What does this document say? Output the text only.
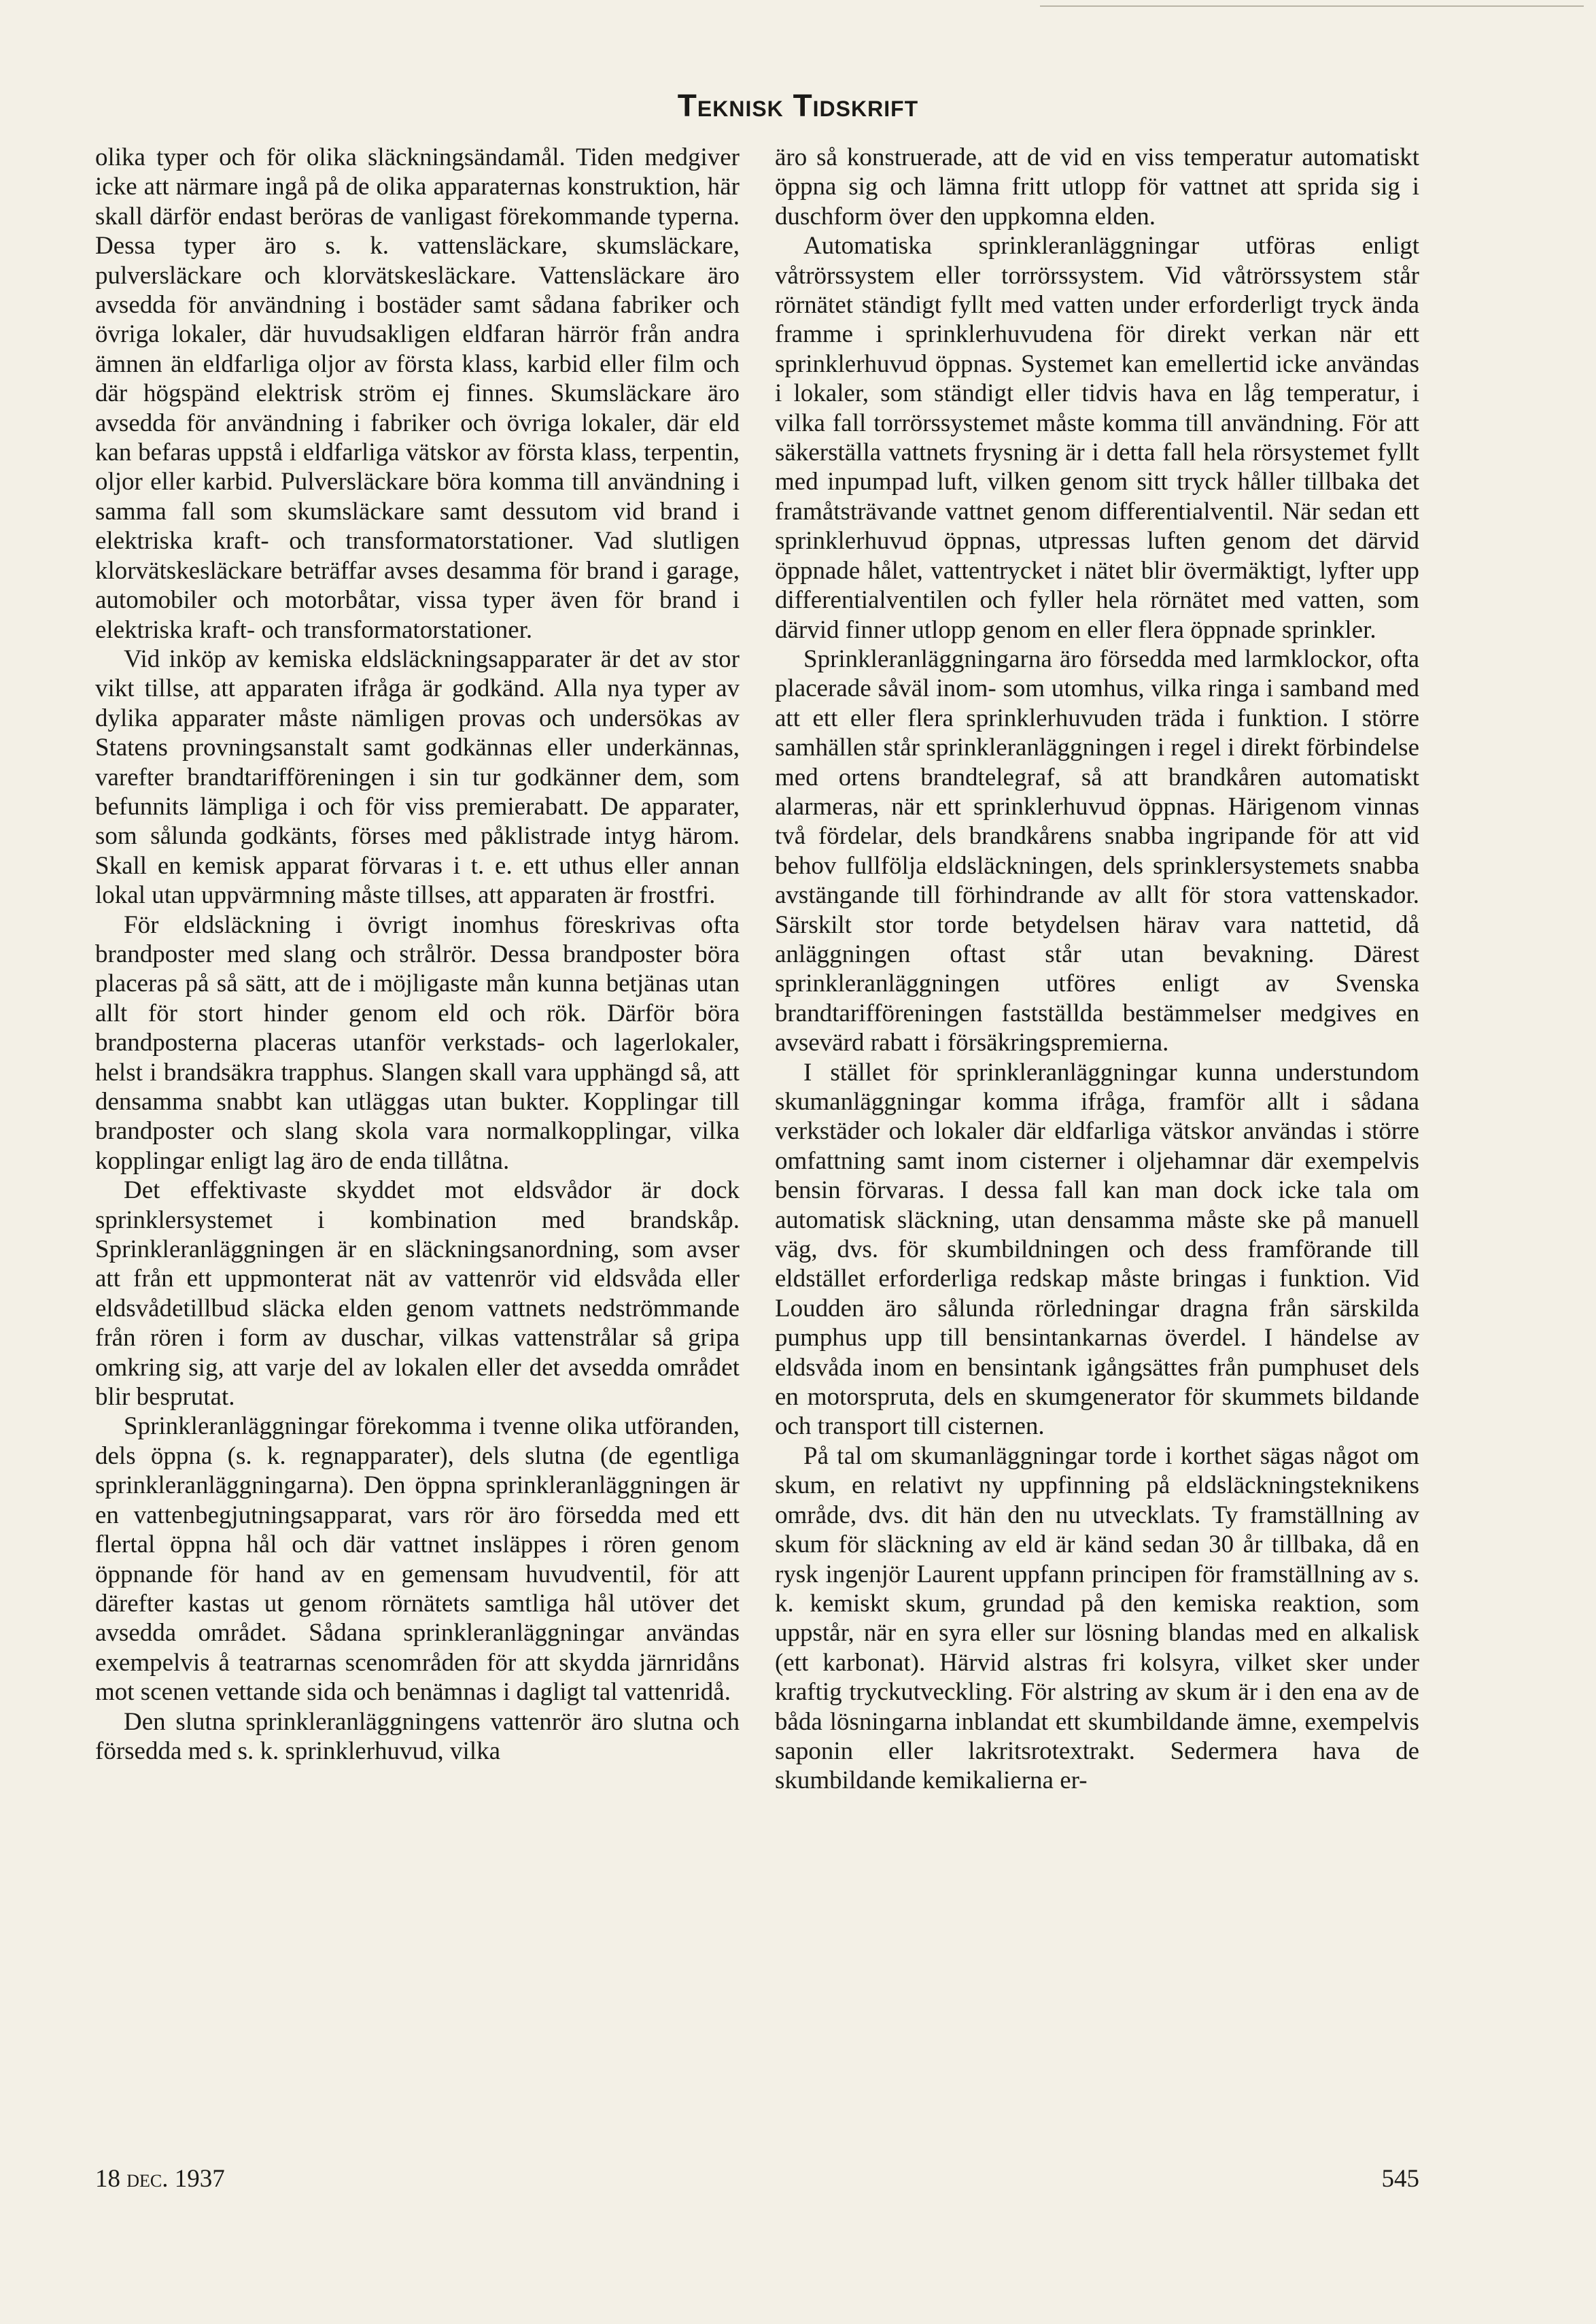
Teknisk Tidskrift

olika typer och för olika släckningsändamål. Tiden medgiver icke att närmare ingå på de olika apparaternas konstruktion, här skall därför endast beröras de vanligast förekommande typerna. Dessa typer äro s. k. vattensläckare, skumsläckare, pulversläckare och klorvätskesläckare. Vattensläckare äro avsedda för användning i bostäder samt sådana fabriker och övriga lokaler, där huvudsakligen eldfaran härrör från andra ämnen än eldfarliga oljor av första klass, karbid eller film och där högspänd elektrisk ström ej finnes. Skumsläckare äro avsedda för användning i fabriker och övriga lokaler, där eld kan befaras uppstå i eldfarliga vätskor av första klass, terpentin, oljor eller karbid. Pulversläckare böra komma till användning i samma fall som skumsläckare samt dessutom vid brand i elektriska kraft- och transformatorstationer. Vad slutligen klorvätskesläckare beträffar avses desamma för brand i garage, automobiler och motorbåtar, vissa typer även för brand i elektriska kraft- och transformatorstationer.

Vid inköp av kemiska eldsläckningsapparater är det av stor vikt tillse, att apparaten ifråga är godkänd. Alla nya typer av dylika apparater måste nämligen provas och undersökas av Statens provningsanstalt samt godkännas eller underkännas, varefter brandtarifföreningen i sin tur godkänner dem, som befunnits lämpliga i och för viss premierabatt. De apparater, som sålunda godkänts, förses med påklistrade intyg härom. Skall en kemisk apparat förvaras i t. e. ett uthus eller annan lokal utan uppvärmning måste tillses, att apparaten är frostfri.

För eldsläckning i övrigt inomhus föreskrivas ofta brandposter med slang och strålrör. Dessa brandposter böra placeras på så sätt, att de i möjligaste mån kunna betjänas utan allt för stort hinder genom eld och rök. Därför böra brandposterna placeras utanför verkstads- och lagerlokaler, helst i brandsäkra trapphus. Slangen skall vara upphängd så, att densamma snabbt kan utläggas utan bukter. Kopplingar till brandposter och slang skola vara normalkopplingar, vilka kopplingar enligt lag äro de enda tillåtna.

Det effektivaste skyddet mot eldsvådor är dock sprinklersystemet i kombination med brandskåp. Sprinkleranläggningen är en släckningsanordning, som avser att från ett uppmonterat nät av vattenrör vid eldsvåda eller eldsvådetillbud släcka elden genom vattnets nedströmmande från rören i form av duschar, vilkas vattenstrålar så gripa omkring sig, att varje del av lokalen eller det avsedda området blir besprutat.

Sprinkleranläggningar förekomma i tvenne olika utföranden, dels öppna (s. k. regnapparater), dels slutna (de egentliga sprinkleranläggningarna). Den öppna sprinkleranläggningen är en vattenbegjutningsapparat, vars rör äro försedda med ett flertal öppna hål och där vattnet insläppes i rören genom öppnande för hand av en gemensam huvudventil, för att därefter kastas ut genom rörnätets samtliga hål utöver det avsedda området. Sådana sprinkleranläggningar användas exempelvis å teatrarnas scenområden för att skydda järnridåns mot scenen vettande sida och benämnas i dagligt tal vattenridå.

Den slutna sprinkleranläggningens vattenrör äro slutna och försedda med s. k. sprinklerhuvud, vilka

äro så konstruerade, att de vid en viss temperatur automatiskt öppna sig och lämna fritt utlopp för vattnet att sprida sig i duschform över den uppkomna elden.

Automatiska sprinkleranläggningar utföras enligt våtrörssystem eller torrörssystem. Vid våtrörssystem står rörnätet ständigt fyllt med vatten under erforderligt tryck ända framme i sprinklerhuvudena för direkt verkan när ett sprinklerhuvud öppnas. Systemet kan emellertid icke användas i lokaler, som ständigt eller tidvis hava en låg temperatur, i vilka fall torrörssystemet måste komma till användning. För att säkerställa vattnets frysning är i detta fall hela rörsystemet fyllt med inpumpad luft, vilken genom sitt tryck håller tillbaka det framåtsträvande vattnet genom differentialventil. När sedan ett sprinklerhuvud öppnas, utpressas luften genom det därvid öppnade hålet, vattentrycket i nätet blir övermäktigt, lyfter upp differentialventilen och fyller hela rörnätet med vatten, som därvid finner utlopp genom en eller flera öppnade sprinkler.

Sprinkleranläggningarna äro försedda med larmklockor, ofta placerade såväl inom- som utomhus, vilka ringa i samband med att ett eller flera sprinklerhuvuden träda i funktion. I större samhällen står sprinkleranläggningen i regel i direkt förbindelse med ortens brandtelegraf, så att brandkåren automatiskt alarmeras, när ett sprinklerhuvud öppnas. Härigenom vinnas två fördelar, dels brandkårens snabba ingripande för att vid behov fullfölja eldsläckningen, dels sprinklersystemets snabba avstängande till förhindrande av allt för stora vattenskador. Särskilt stor torde betydelsen härav vara nattetid, då anläggningen oftast står utan bevakning. Därest sprinkleranläggningen utföres enligt av Svenska brandtarifföreningen fastställda bestämmelser medgives en avsevärd rabatt i försäkringspremierna.

I stället för sprinkleranläggningar kunna understundom skumanläggningar komma ifråga, framför allt i sådana verkstäder och lokaler där eldfarliga vätskor användas i större omfattning samt inom cisterner i oljehamnar där exempelvis bensin förvaras. I dessa fall kan man dock icke tala om automatisk släckning, utan densamma måste ske på manuell väg, dvs. för skumbildningen och dess framförande till eldstället erforderliga redskap måste bringas i funktion. Vid Loudden äro sålunda rörledningar dragna från särskilda pumphus upp till bensintankarnas överdel. I händelse av eldsvåda inom en bensintank igångsättes från pumphuset dels en motorspruta, dels en skumgenerator för skummets bildande och transport till cisternen.

På tal om skumanläggningar torde i korthet sägas något om skum, en relativt ny uppfinning på eldsläckningsteknikens område, dvs. dit hän den nu utvecklats. Ty framställning av skum för släckning av eld är känd sedan 30 år tillbaka, då en rysk ingenjör Laurent uppfann principen för framställning av s. k. kemiskt skum, grundad på den kemiska reaktion, som uppstår, när en syra eller sur lösning blandas med en alkalisk (ett karbonat). Härvid alstras fri kolsyra, vilket sker under kraftig tryckutveckling. För alstring av skum är i den ena av de båda lösningarna inblandat ett skumbildande ämne, exempelvis saponin eller lakritsrotextrakt. Sedermera hava de skumbildande kemikalierna er-

18 dec. 1937	545
